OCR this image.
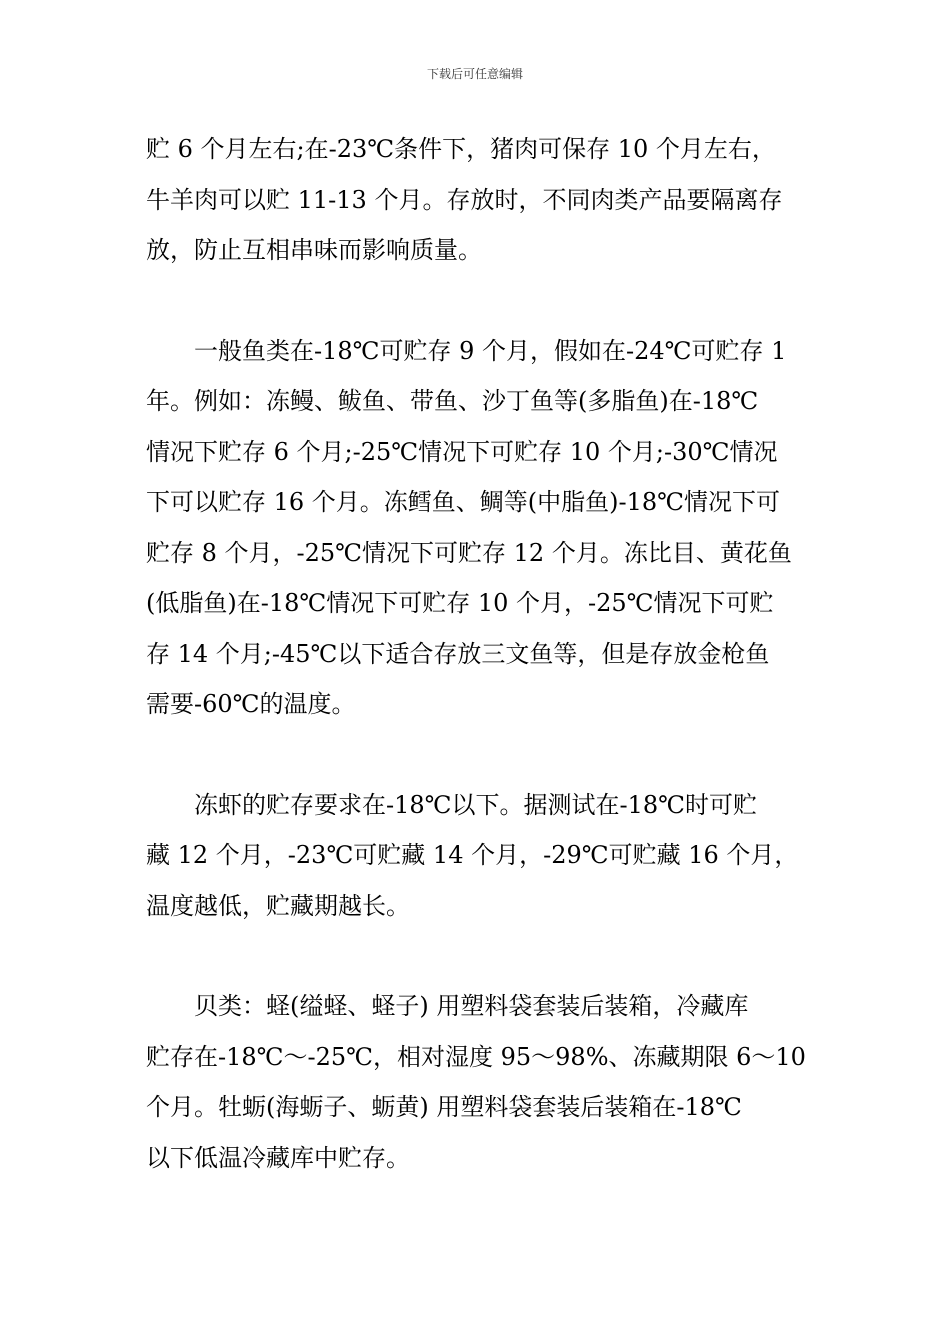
下载后可任意编辑

贮 6 个月左右;在-23℃条件下，猪肉可保存 10 个月左右，
牛羊肉可以贮 11-13 个月。存放时，不同肉类产品要隔离存
放，防止互相串味而影响质量。

　　一般鱼类在-18℃可贮存 9 个月，假如在-24℃可贮存 1
年。例如：冻鳗、鲅鱼、带鱼、沙丁鱼等(多脂鱼)在-18℃
情况下贮存 6 个月;-25℃情况下可贮存 10 个月;-30℃情况
下可以贮存 16 个月。冻鳕鱼、鲷等(中脂鱼)-18℃情况下可
贮存 8 个月，-25℃情况下可贮存 12 个月。冻比目、黄花鱼
(低脂鱼)在-18℃情况下可贮存 10 个月，-25℃情况下可贮
存 14 个月;-45℃以下适合存放三文鱼等，但是存放金枪鱼
需要-60℃的温度。

　　冻虾的贮存要求在-18℃以下。据测试在-18℃时可贮
藏 12 个月，-23℃可贮藏 14 个月，-29℃可贮藏 16 个月，
温度越低，贮藏期越长。

　　贝类：蛏(缢蛏、蛏子) 用塑料袋套装后装箱，冷藏库
贮存在-18℃～-25℃，相对湿度 95～98%、冻藏期限 6～10
个月。牡蛎(海蛎子、蛎黄) 用塑料袋套装后装箱在-18℃
以下低温冷藏库中贮存。
